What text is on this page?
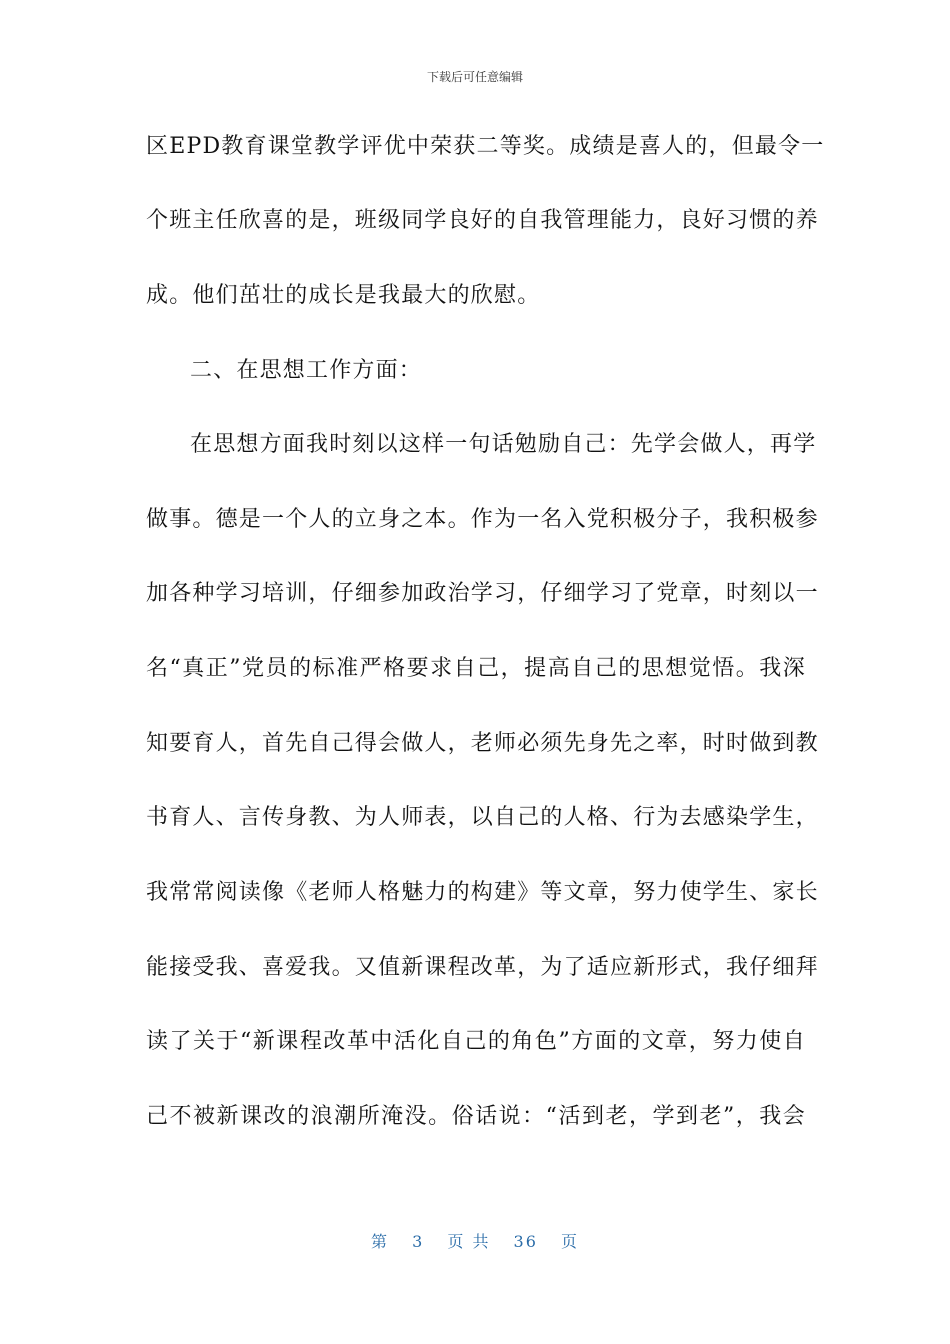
下载后可任意编辑
区EPD教育课堂教学评优中荣获二等奖。成绩是喜人的，但最令一
个班主任欣喜的是，班级同学良好的自我管理能力，良好习惯的养
成。他们茁壮的成长是我最大的欣慰。
二、在思想工作方面：
在思想方面我时刻以这样一句话勉励自己：先学会做人，再学
做事。德是一个人的立身之本。作为一名入党积极分子，我积极参
加各种学习培训，仔细参加政治学习，仔细学习了党章，时刻以一
名“真正”党员的标准严格要求自己，提高自己的思想觉悟。我深
知要育人，首先自己得会做人，老师必须先身先之率，时时做到教
书育人、言传身教、为人师表，以自己的人格、行为去感染学生，
我常常阅读像《老师人格魅力的构建》等文章，努力使学生、家长
能接受我、喜爱我。又值新课程改革，为了适应新形式，我仔细拜
读了关于“新课程改革中活化自己的角色”方面的文章，努力使自
己不被新课改的浪潮所淹没。俗话说：“活到老，学到老”，我会
第 3 页 共 36 页
